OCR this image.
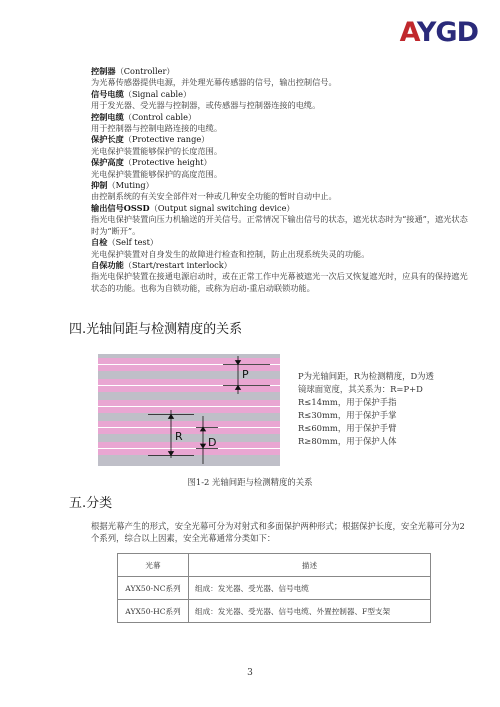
AYGD
控制器（Controller）
为光幕传感器提供电源，并处理光幕传感器的信号，输出控制信号。
信号电缆（Signal cable）
用于发光器、受光器与控制器，或传感器与控制器连接的电缆。
控制电缆（Control cable）
用于控制器与控制电路连接的电缆。
保护长度（Protective range）
光电保护装置能够保护的长度范围。
保护高度（Protective height）
光电保护装置能够保护的高度范围。
抑制（Muting）
由控制系统的有关安全部件对一种或几种安全功能的暂时自动中止。
输出信号OSSD（Output signal switching device）
指光电保护装置向压力机输送的开关信号。正常情况下输出信号的状态，遮光状态时为“接通”，遮光状态时为“断开”。
自检（Self test）
光电保护装置对自身发生的故障进行检查和控制，防止出现系统失灵的功能。
自保功能（Start/restart interlock）
指光电保护装置在接通电源启动时，或在正常工作中光幕被遮光一次后又恢复遮光时，应具有的保持遮光状态的功能。也称为自锁功能，或称为启动-重启动联锁功能。
四.光轴间距与检测精度的关系
P
R D
P为光轴间距，R为检测精度，D为透
镜球面宽度，其关系为：R=P+D
R≤14mm，用于保护手指
R≤30mm，用于保护手掌
R≤60mm，用于保护手臂
R≥80mm，用于保护人体
图1-2 光轴间距与检测精度的关系
五.分类
根据光幕产生的形式，安全光幕可分为对射式和多面保护两种形式；根据保护长度，安全光幕可分为2个系列，综合以上因素，安全光幕通常分类如下：
光幕	描述
AYX50-NC系列	组成：发光器、受光器、信号电缆
AYX50-HC系列	组成：发光器、受光器、信号电缆、外置控制器、F型支架
3
